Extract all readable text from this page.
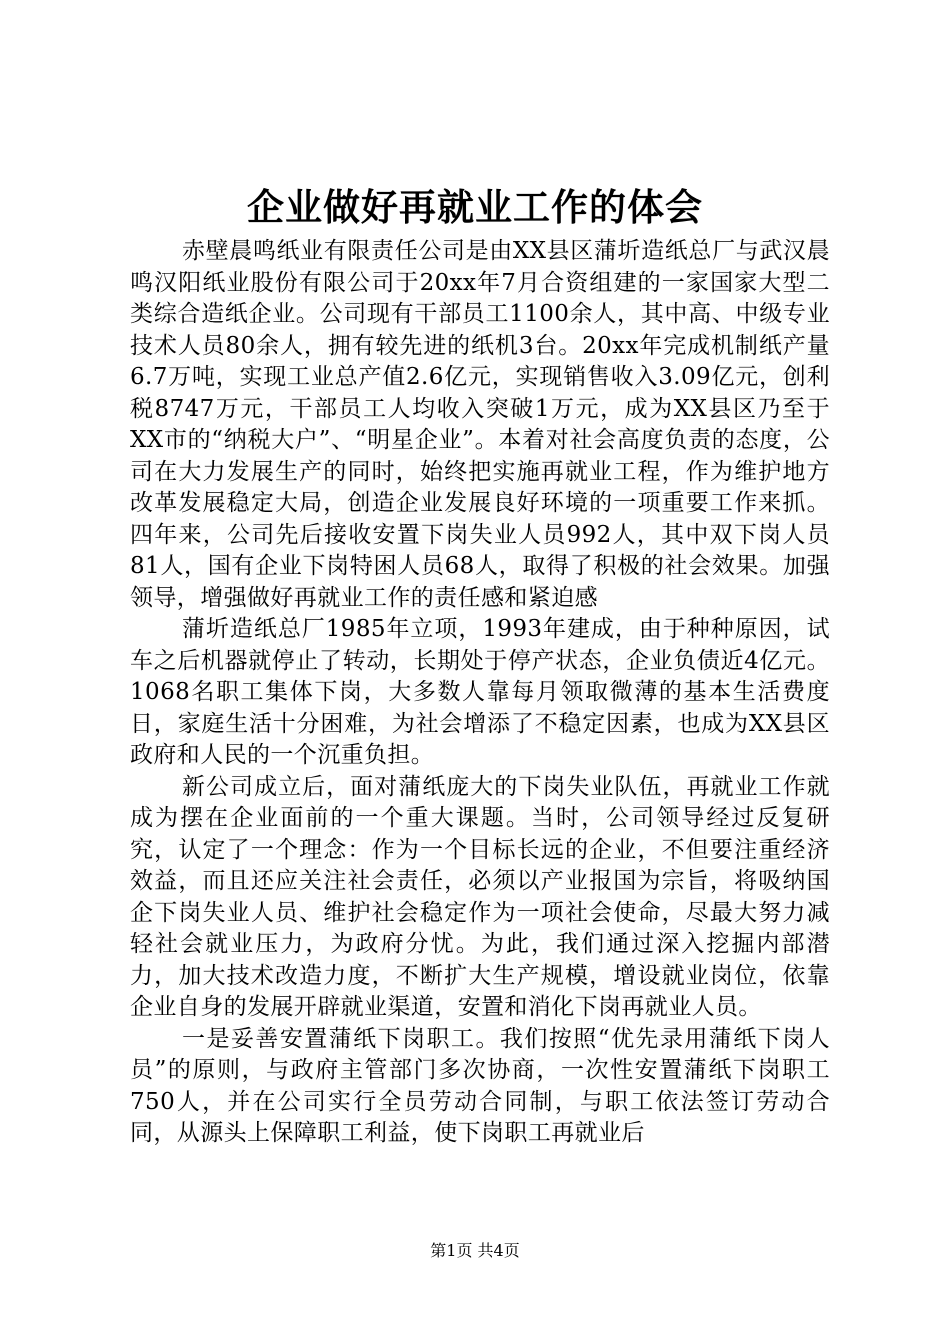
企业做好再就业工作的体会

赤壁晨鸣纸业有限责任公司是由XX县区蒲圻造纸总厂与武汉晨鸣汉阳纸业股份有限公司于20xx年7月合资组建的一家国家大型二类综合造纸企业。公司现有干部员工1100余人，其中高、中级专业技术人员80余人，拥有较先进的纸机3台。20xx年完成机制纸产量6.7万吨，实现工业总产值2.6亿元，实现销售收入3.09亿元，创利税8747万元，干部员工人均收入突破1万元，成为XX县区乃至于XX市的“纳税大户”、“明星企业”。本着对社会高度负责的态度，公司在大力发展生产的同时，始终把实施再就业工程，作为维护地方改革发展稳定大局，创造企业发展良好环境的一项重要工作来抓。四年来，公司先后接收安置下岗失业人员992人，其中双下岗人员81人，国有企业下岗特困人员68人，取得了积极的社会效果。加强领导，增强做好再就业工作的责任感和紧迫感

蒲圻造纸总厂1985年立项，1993年建成，由于种种原因，试车之后机器就停止了转动，长期处于停产状态，企业负债近4亿元。1068名职工集体下岗，大多数人靠每月领取微薄的基本生活费度日，家庭生活十分困难，为社会增添了不稳定因素，也成为XX县区政府和人民的一个沉重负担。

新公司成立后，面对蒲纸庞大的下岗失业队伍，再就业工作就成为摆在企业面前的一个重大课题。当时，公司领导经过反复研究，认定了一个理念：作为一个目标长远的企业，不但要注重经济效益，而且还应关注社会责任，必须以产业报国为宗旨，将吸纳国企下岗失业人员、维护社会稳定作为一项社会使命，尽最大努力减轻社会就业压力，为政府分忧。为此，我们通过深入挖掘内部潜力，加大技术改造力度，不断扩大生产规模，增设就业岗位，依靠企业自身的发展开辟就业渠道，安置和消化下岗再就业人员。

一是妥善安置蒲纸下岗职工。我们按照“优先录用蒲纸下岗人员”的原则，与政府主管部门多次协商，一次性安置蒲纸下岗职工750人，并在公司实行全员劳动合同制，与职工依法签订劳动合同，从源头上保障职工利益，使下岗职工再就业后

第1页 共4页
